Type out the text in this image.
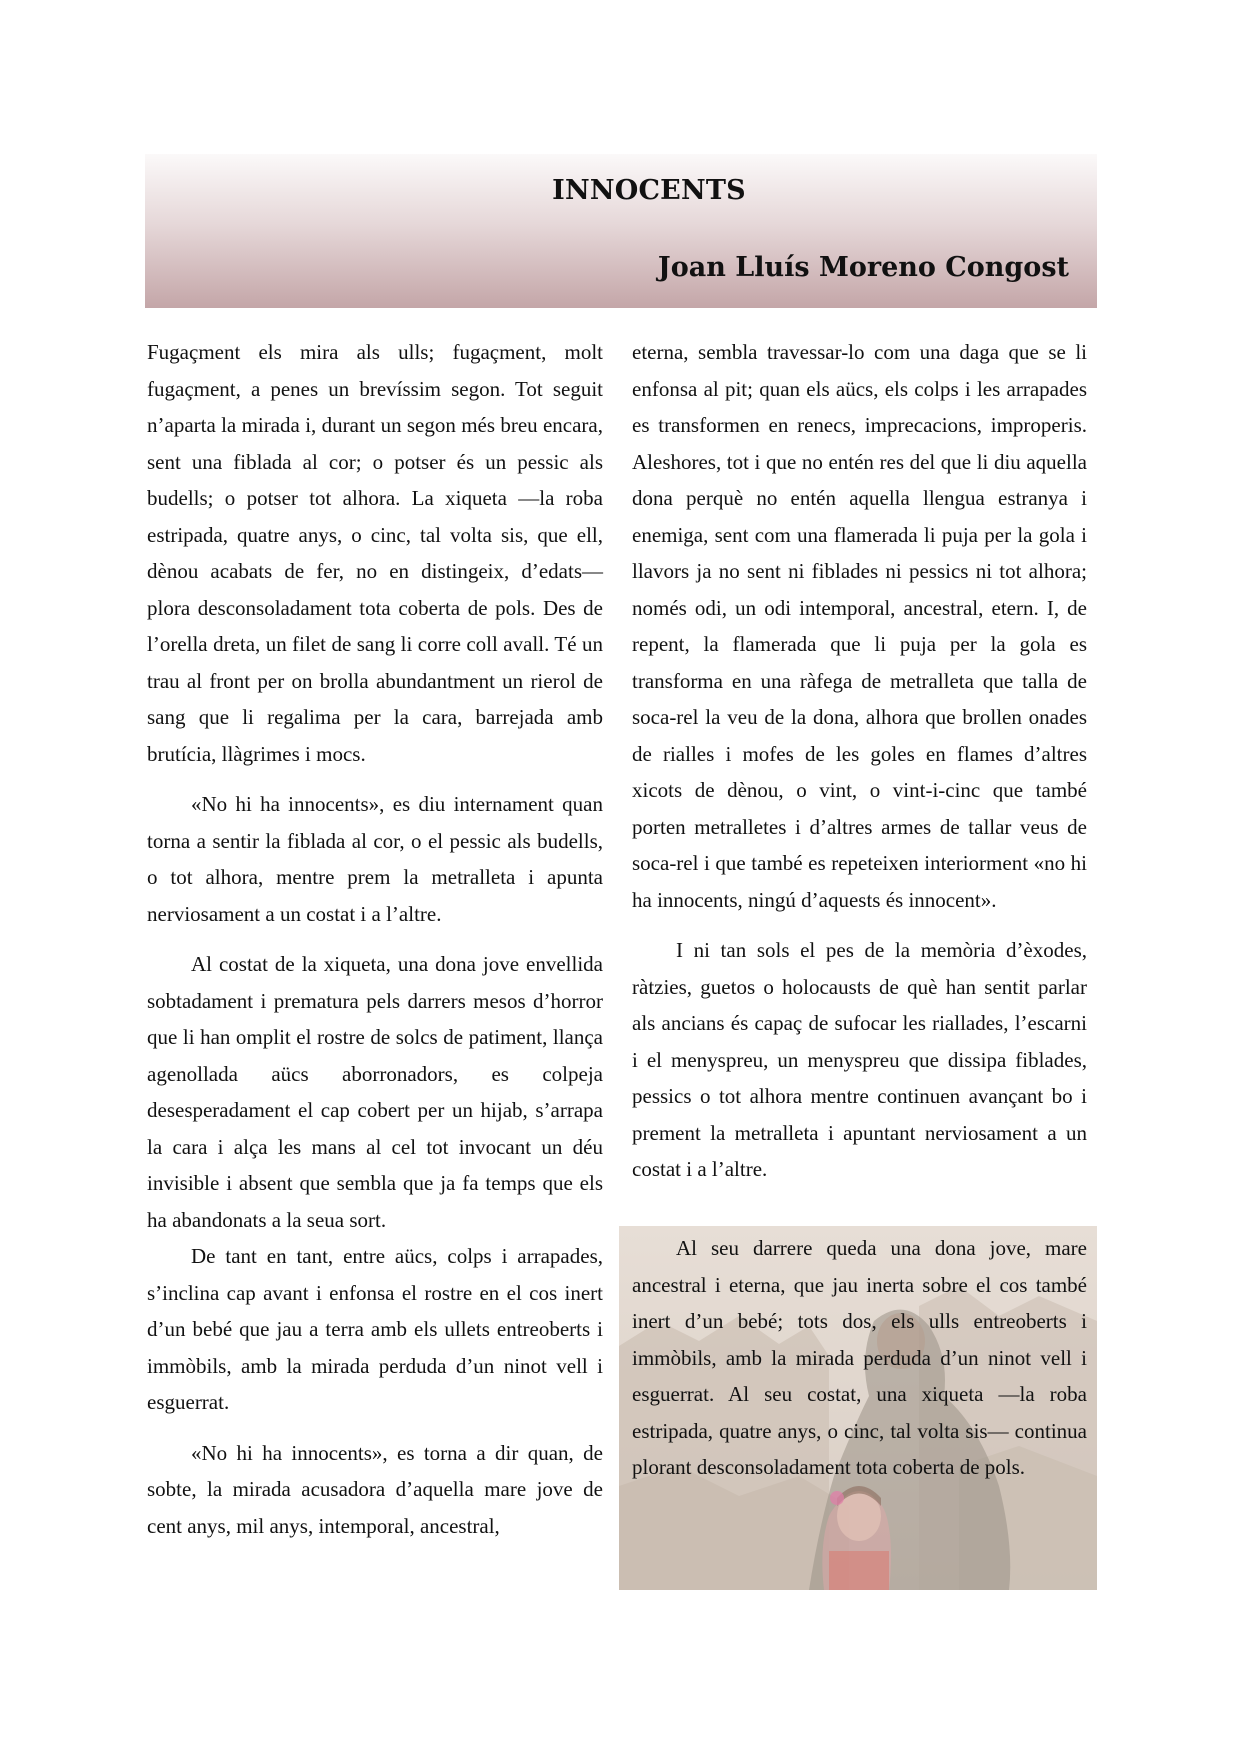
INNOCENTS
Joan Lluís Moreno Congost

Fugaçment els mira als ulls; fugaçment, molt fugaçment, a penes un brevíssim segon. Tot seguit n’aparta la mirada i, durant un segon més breu encara, sent una fiblada al cor; o potser és un pessic als budells; o potser tot alhora. La xiqueta —la roba estripada, quatre anys, o cinc, tal volta sis, que ell, dènou acabats de fer, no en distingeix, d’edats— plora desconsoladament tota coberta de pols. Des de l’orella dreta, un filet de sang li corre coll avall. Té un trau al front per on brolla abundantment un rierol de sang que li regalima per la cara, barrejada amb brutícia, llàgrimes i mocs.

«No hi ha innocents», es diu internament quan torna a sentir la fiblada al cor, o el pessic als budells, o tot alhora, mentre prem la metralleta i apunta nerviosament a un costat i a l’altre.

Al costat de la xiqueta, una dona jove envellida sobtadament i prematura pels darrers mesos d’horror que li han omplit el rostre de solcs de patiment, llança agenollada aücs aborronadors, es colpeja desesperadament el cap cobert per un hijab, s’arrapa la cara i alça les mans al cel tot invocant un déu invisible i absent que sembla que ja fa temps que els ha abandonats a la seua sort.

De tant en tant, entre aücs, colps i arrapades, s’inclina cap avant i enfonsa el rostre en el cos inert d’un bebé que jau a terra amb els ullets entreoberts i immòbils, amb la mirada perduda d’un ninot vell i esguerrat.

«No hi ha innocents», es torna a dir quan, de sobte, la mirada acusadora d’aquella mare jove de cent anys, mil anys, intemporal, ancestral,

eterna, sembla travessar-lo com una daga que se li enfonsa al pit; quan els aücs, els colps i les arrapades es transformen en renecs, imprecacions, improperis. Aleshores, tot i que no entén res del que li diu aquella dona perquè no entén aquella llengua estranya i enemiga, sent com una flamerada li puja per la gola i llavors ja no sent ni fiblades ni pessics ni tot alhora; només odi, un odi intemporal, ancestral, etern. I, de repent, la flamerada que li puja per la gola es transforma en una ràfega de metralleta que talla de soca-rel la veu de la dona, alhora que brollen onades de rialles i mofes de les goles en flames d’altres xicots de dènou, o vint, o vint-i-cinc que també porten metralletes i d’altres armes de tallar veus de soca-rel i que també es repeteixen interiorment «no hi ha innocents, ningú d’aquests és innocent».

I ni tan sols el pes de la memòria d’èxodes, ràtzies, guetos o holocausts de què han sentit parlar als ancians és capaç de sufocar les riallades, l’escarni i el menyspreu, un menyspreu que dissipa fiblades, pessics o tot alhora mentre continuen avançant bo i prement la metralleta i apuntant nerviosament a un costat i a l’altre.

Al seu darrere queda una dona jove, mare ancestral i eterna, que jau inerta sobre el cos també inert d’un bebé; tots dos, els ulls entreoberts i immòbils, amb la mirada perduda d’un ninot vell i esguerrat. Al seu costat, una xiqueta —la roba estripada, quatre anys, o cinc, tal volta sis— continua plorant desconsoladament tota coberta de pols.
